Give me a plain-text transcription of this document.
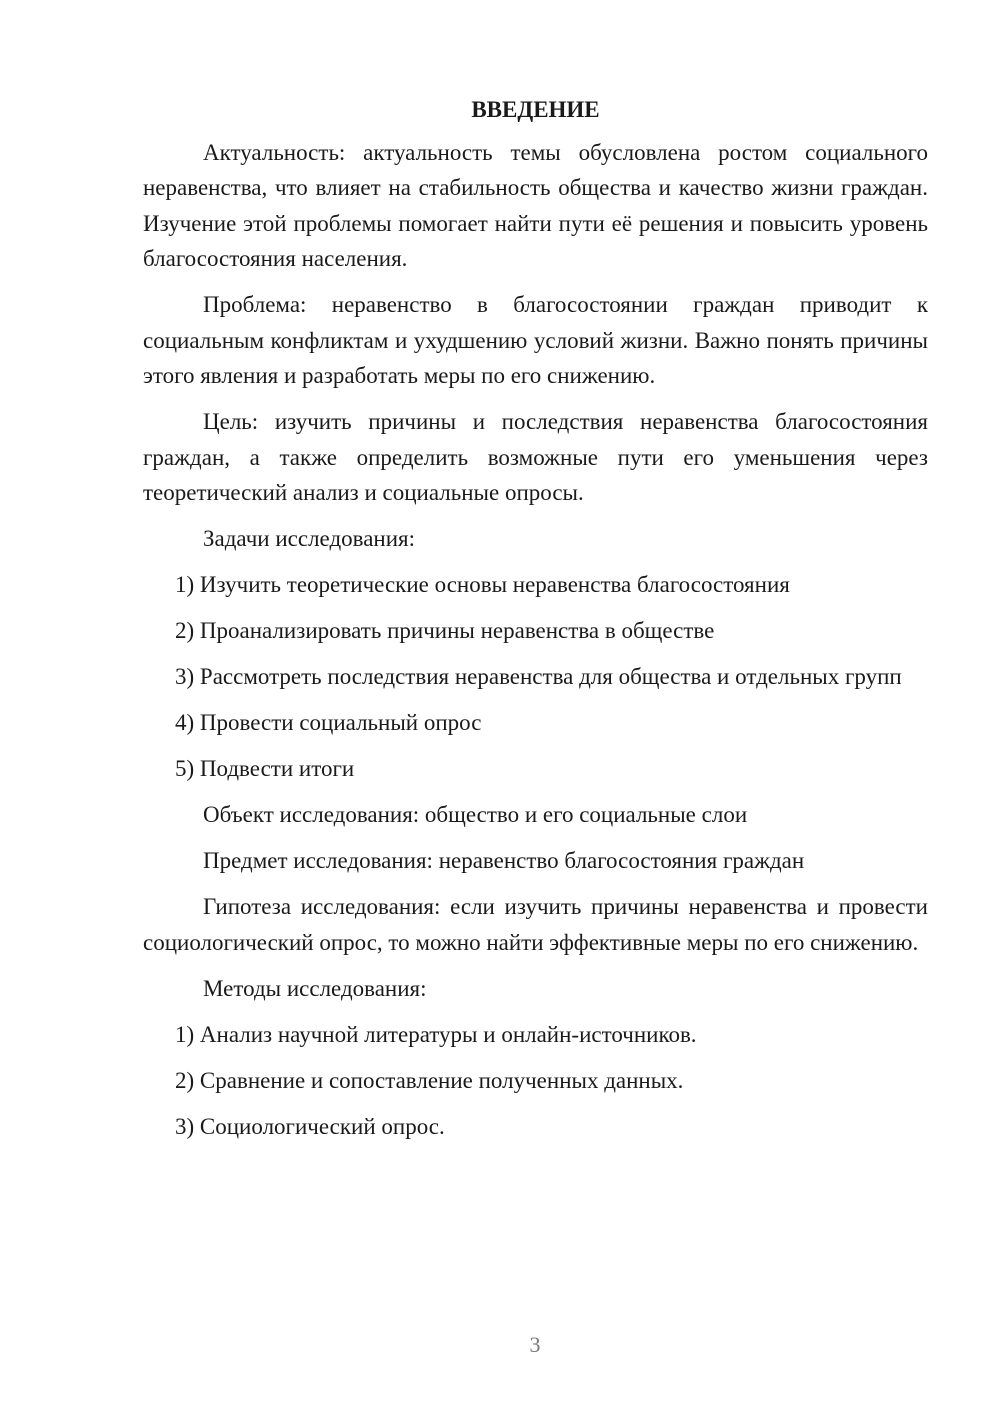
ВВЕДЕНИЕ

Актуальность: актуальность темы обусловлена ростом социального неравенства, что влияет на стабильность общества и качество жизни граждан. Изучение этой проблемы помогает найти пути её решения и повысить уровень благосостояния населения.

Проблема: неравенство в благосостоянии граждан приводит к социальным конфликтам и ухудшению условий жизни. Важно понять причины этого явления и разработать меры по его снижению.

Цель: изучить причины и последствия неравенства благосостояния граждан, а также определить возможные пути его уменьшения через теоретический анализ и социальные опросы.

Задачи исследования:

1) Изучить теоретические основы неравенства благосостояния

2) Проанализировать причины неравенства в обществе

3) Рассмотреть последствия неравенства для общества и отдельных групп

4) Провести социальный опрос

5) Подвести итоги

Объект исследования: общество и его социальные слои

Предмет исследования: неравенство благосостояния граждан

Гипотеза исследования: если изучить причины неравенства и провести социологический опрос, то можно найти эффективные меры по его снижению.

Методы исследования:

1) Анализ научной литературы и онлайн-источников.

2) Сравнение и сопоставление полученных данных.

3) Социологический опрос.

3
